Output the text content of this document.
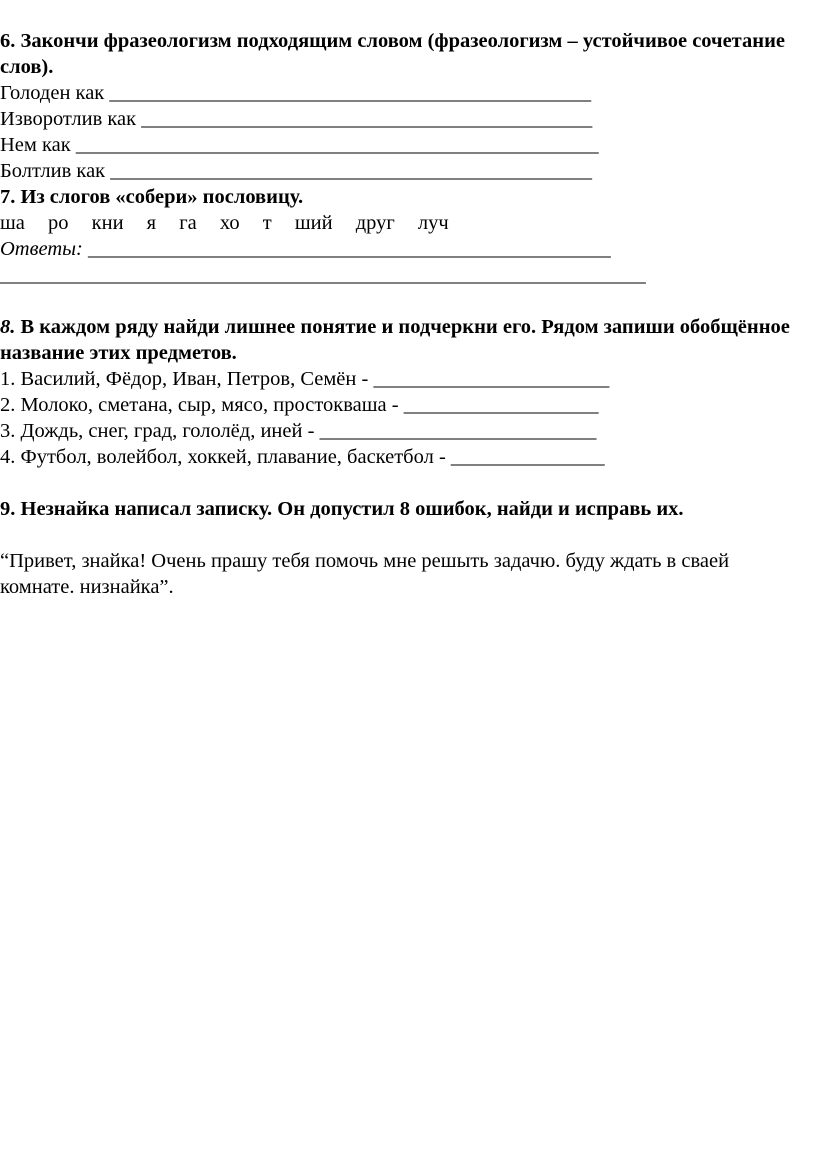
6. Закончи фразеологизм подходящим словом (фразеологизм – устойчивое сочетание слов).
Голоден как _______________________________________________
Изворотлив как ____________________________________________
Нем как ___________________________________________________
Болтлив как _______________________________________________
7. Из слогов «собери» пословицу.
ша ро кни я га хо т ший друг луч
Ответы: ___________________________________________________
_______________________________________________________________
8. В каждом ряду найди лишнее понятие и подчеркни его. Рядом запиши обобщённое название этих предметов.
1. Василий, Фёдор, Иван, Петров, Семён - _______________________
2. Молоко, сметана, сыр, мясо, простокваша - ___________________
3. Дождь, снег, град, гололёд, иней - ___________________________
4. Футбол, волейбол, хоккей, плавание, баскетбол - _______________
9. Незнайка написал записку. Он допустил 8 ошибок, найди и исправь их.
“Привет, знайка! Очень прашу тебя помочь мне решыть задачю. буду ждать в сваей комнате. низнайка”.
